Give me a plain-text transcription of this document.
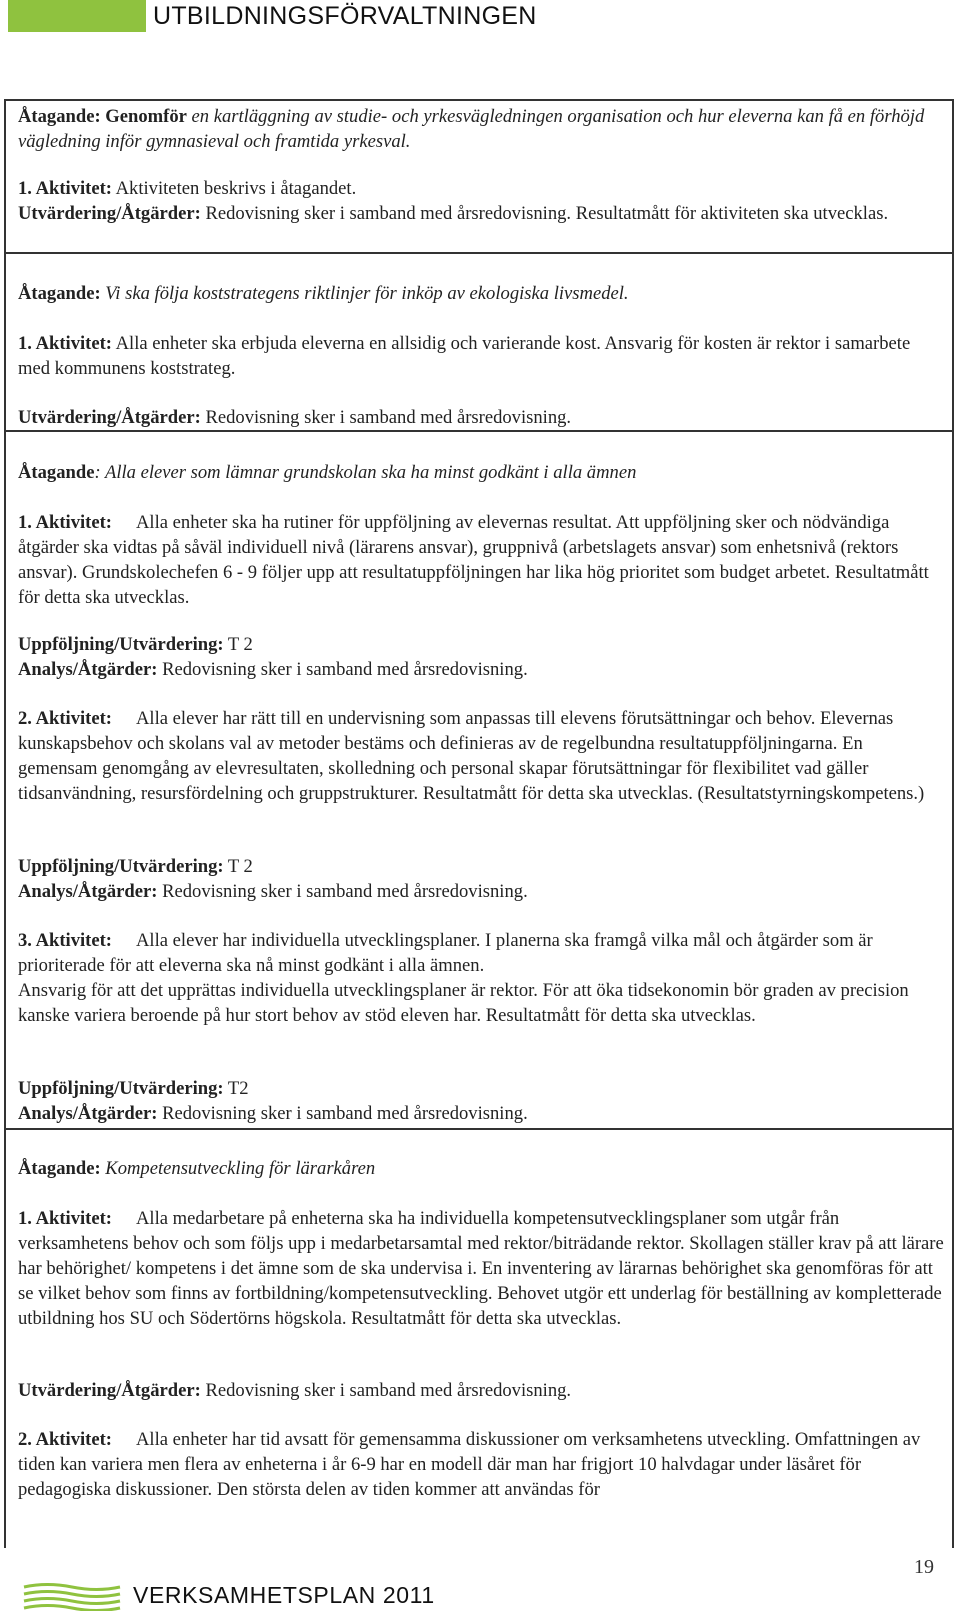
UTBILDNINGSFÖRVALTNINGEN

Åtagande: Genomför en kartläggning av studie- och yrkesvägledningen organisation och hur eleverna kan få en förhöjd vägledning inför gymnasieval och framtida yrkesval.

1. Aktivitet: Aktiviteten beskrivs i åtagandet.

Utvärdering/Åtgärder: Redovisning sker i samband med årsredovisning. Resultatmått för aktiviteten ska utvecklas.

Åtagande: Vi ska följa koststrategens riktlinjer för inköp av ekologiska livsmedel.

1. Aktivitet: Alla enheter ska erbjuda eleverna en allsidig och varierande kost. Ansvarig för kosten är rektor i samarbete med kommunens koststrateg.

Utvärdering/Åtgärder: Redovisning sker i samband med årsredovisning.

Åtagande: Alla elever som lämnar grundskolan ska ha minst godkänt i alla ämnen

1. Aktivitet: Alla enheter ska ha rutiner för uppföljning av elevernas resultat. Att uppföljning sker och nödvändiga åtgärder ska vidtas på såväl individuell nivå (lärarens ansvar), gruppnivå (arbetslagets ansvar) som enhetsnivå (rektors ansvar). Grundskolechefen 6 - 9 följer upp att resultatuppföljningen har lika hög prioritet som budget arbetet. Resultatmått för detta ska utvecklas.

Uppföljning/Utvärdering: T 2

Analys/Åtgärder: Redovisning sker i samband med årsredovisning.

2. Aktivitet: Alla elever har rätt till en undervisning som anpassas till elevens förutsättningar och behov. Elevernas kunskapsbehov och skolans val av metoder bestäms och definieras av de regelbundna resultatuppföljningarna. En gemensam genomgång av elevresultaten, skolledning och personal skapar förutsättningar för flexibilitet vad gäller tidsanvändning, resursfördelning och gruppstrukturer. Resultatmått för detta ska utvecklas. (Resultatstyrningskompetens.)

Uppföljning/Utvärdering: T 2

Analys/Åtgärder: Redovisning sker i samband med årsredovisning.

3. Aktivitet: Alla elever har individuella utvecklingsplaner. I planerna ska framgå vilka mål och åtgärder som är prioriterade för att eleverna ska nå minst godkänt i alla ämnen.
Ansvarig för att det upprättas individuella utvecklingsplaner är rektor. För att öka tidsekonomin bör graden av precision kanske variera beroende på hur stort behov av stöd eleven har. Resultatmått för detta ska utvecklas.

Uppföljning/Utvärdering: T2

Analys/Åtgärder: Redovisning sker i samband med årsredovisning.

Åtagande: Kompetensutveckling för lärarkåren

1. Aktivitet: Alla medarbetare på enheterna ska ha individuella kompetensutvecklingsplaner som utgår från verksamhetens behov och som följs upp i medarbetarsamtal med rektor/biträdande rektor. Skollagen ställer krav på att lärare har behörighet/ kompetens i det ämne som de ska undervisa i. En inventering av lärarnas behörighet ska genomföras för att se vilket behov som finns av fortbildning/kompetensutveckling. Behovet utgör ett underlag för beställning av kompletterade utbildning hos SU och Södertörns högskola. Resultatmått för detta ska utvecklas.

Utvärdering/Åtgärder: Redovisning sker i samband med årsredovisning.

2. Aktivitet: Alla enheter har tid avsatt för gemensamma diskussioner om verksamhetens utveckling. Omfattningen av tiden kan variera men flera av enheterna i år 6-9 har en modell där man har frigjort 10 halvdagar under läsåret för pedagogiska diskussioner. Den största delen av tiden kommer att användas för

19
VERKSAMHETSPLAN 2011
